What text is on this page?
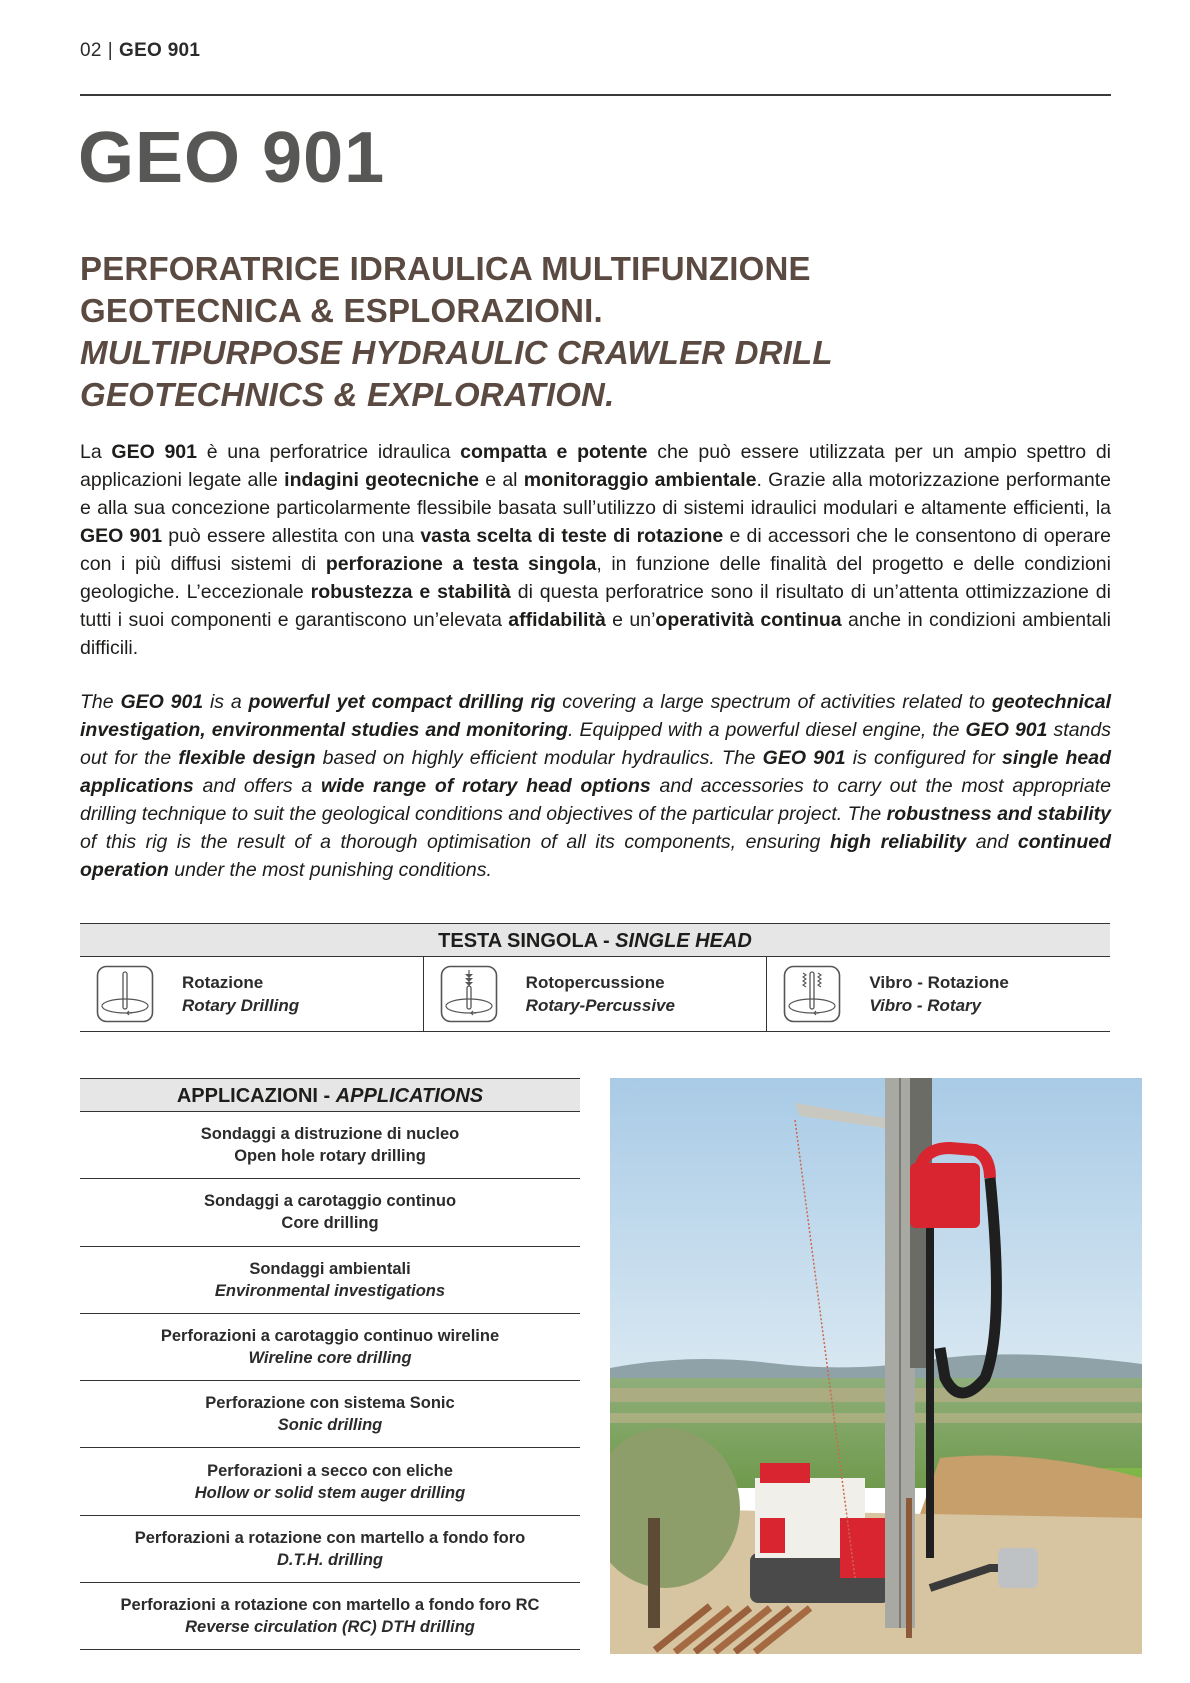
02 | GEO 901
GEO 901
PERFORATRICE IDRAULICA MULTIFUNZIONE
GEOTECNICA & ESPLORAZIONI.
MULTIPURPOSE HYDRAULIC CRAWLER DRILL
GEOTECHNICS & EXPLORATION.

La GEO 901 è una perforatrice idraulica compatta e potente che può essere utilizzata per un ampio spettro di applicazioni legate alle indagini geotecniche e al monitoraggio ambientale. Grazie alla motorizzazione performante e alla sua concezione particolarmente flessibile basata sull’utilizzo di sistemi idraulici modulari e altamente efficienti, la GEO 901 può essere allestita con una vasta scelta di teste di rotazione e di accessori che le consentono di operare con i più diffusi sistemi di perforazione a testa singola, in funzione delle finalità del progetto e delle condizioni geologiche. L’eccezionale robustezza e stabilità di questa perforatrice sono il risultato di un’attenta ottimizzazione di tutti i suoi componenti e garantiscono un’elevata affidabilità e un’operatività continua anche in condizioni ambientali difficili.

The GEO 901 is a powerful yet compact drilling rig covering a large spectrum of activities related to geotechnical investigation, environmental studies and monitoring. Equipped with a powerful diesel engine, the GEO 901 stands out for the flexible design based on highly efficient modular hydraulics. The GEO 901 is configured for single head applications and offers a wide range of rotary head options and accessories to carry out the most appropriate drilling technique to suit the geological conditions and objectives of the particular project. The robustness and stability of this rig is the result of a thorough optimisation of all its components, ensuring high reliability and continued operation under the most punishing conditions.

TESTA SINGOLA - SINGLE HEAD
Rotazione
Rotary Drilling
Rotopercussione
Rotary-Percussive
Vibro - Rotazione
Vibro - Rotary
APPLICAZIONI - APPLICATIONS
Sondaggi a distruzione di nucleo
Open hole rotary drilling
Sondaggi a carotaggio continuo
Core drilling
Sondaggi ambientali
Environmental investigations
Perforazioni a carotaggio continuo wireline
Wireline core drilling
Perforazione con sistema Sonic
Sonic drilling
Perforazioni a secco con eliche
Hollow or solid stem auger drilling
Perforazioni a rotazione con martello a fondo foro
D.T.H. drilling
Perforazioni a rotazione con martello a fondo foro RC
Reverse circulation (RC) DTH drilling
